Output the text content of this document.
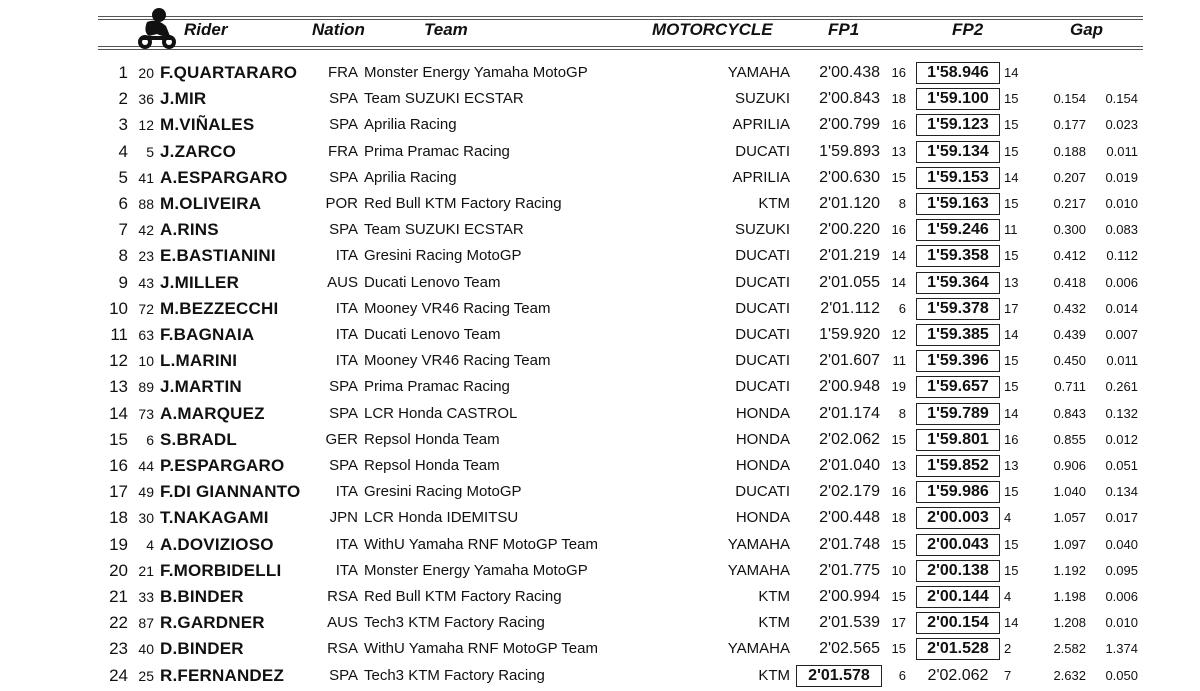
Rider	Nation	Team	MOTORCYCLE	FP1	FP2	Gap
1 20 F.QUARTARARO	FRA Monster Energy Yamaha MotoGP	YAMAHA	2'00.438 16	1'58.946	14
2 36 J.MIR	SPA Team SUZUKI ECSTAR	SUZUKI	2'00.843 18	1'59.100	15	0.154	0.154
3 12 M.VIÑALES	SPA Aprilia Racing	APRILIA	2'00.799 16	1'59.123	15	0.177	0.023
4	5 J.ZARCO	FRA Prima Pramac Racing	DUCATI	1'59.893 13	1'59.134	15	0.188	0.011
5 41 A.ESPARGARO	SPA Aprilia Racing	APRILIA	2'00.630 15	1'59.153	14	0.207	0.019
6 88 M.OLIVEIRA	POR Red Bull KTM Factory Racing	KTM	2'01.120	8	1'59.163	15	0.217	0.010
7 42 A.RINS	SPA Team SUZUKI ECSTAR	SUZUKI	2'00.220 16	1'59.246	11	0.300	0.083
8 23 E.BASTIANINI	ITA Gresini Racing MotoGP	DUCATI	2'01.219 14	1'59.358	15	0.412	0.112
9 43 J.MILLER	AUS Ducati Lenovo Team	DUCATI	2'01.055 14	1'59.364	13	0.418	0.006
10 72 M.BEZZECCHI	ITA Mooney VR46 Racing Team	DUCATI	2'01.112	6	1'59.378	17	0.432	0.014
11 63 F.BAGNAIA	ITA Ducati Lenovo Team	DUCATI	1'59.920 12	1'59.385	14	0.439	0.007
12 10 L.MARINI	ITA Mooney VR46 Racing Team	DUCATI	2'01.607 11	1'59.396	15	0.450	0.011
13 89 J.MARTIN	SPA Prima Pramac Racing	DUCATI	2'00.948 19	1'59.657	15	0.711	0.261
14 73 A.MARQUEZ	SPA LCR Honda CASTROL	HONDA	2'01.174	8	1'59.789	14	0.843	0.132
15	6 S.BRADL	GER Repsol Honda Team	HONDA	2'02.062 15	1'59.801	16	0.855	0.012
16 44 P.ESPARGARO	SPA Repsol Honda Team	HONDA	2'01.040 13	1'59.852	13	0.906	0.051
17 49 F.DI GIANNANTO	ITA Gresini Racing MotoGP	DUCATI	2'02.179 16	1'59.986	15	1.040	0.134
18 30 T.NAKAGAMI	JPN LCR Honda IDEMITSU	HONDA	2'00.448 18	2'00.003	4	1.057	0.017
19	4 A.DOVIZIOSO	ITA WithU Yamaha RNF MotoGP Team	YAMAHA	2'01.748 15	2'00.043	15	1.097	0.040
20 21 F.MORBIDELLI	ITA Monster Energy Yamaha MotoGP	YAMAHA	2'01.775 10	2'00.138	15	1.192	0.095
21 33 B.BINDER	RSA Red Bull KTM Factory Racing	KTM	2'00.994 15	2'00.144	4	1.198	0.006
22 87 R.GARDNER	AUS Tech3 KTM Factory Racing	KTM	2'01.539 17	2'00.154	14	1.208	0.010
23 40 D.BINDER	RSA WithU Yamaha RNF MotoGP Team	YAMAHA	2'02.565 15	2'01.528	2	2.582	1.374
24 25 R.FERNANDEZ	SPA Tech3 KTM Factory Racing	KTM	2'01.578	6	2'02.062	7	2.632	0.050
